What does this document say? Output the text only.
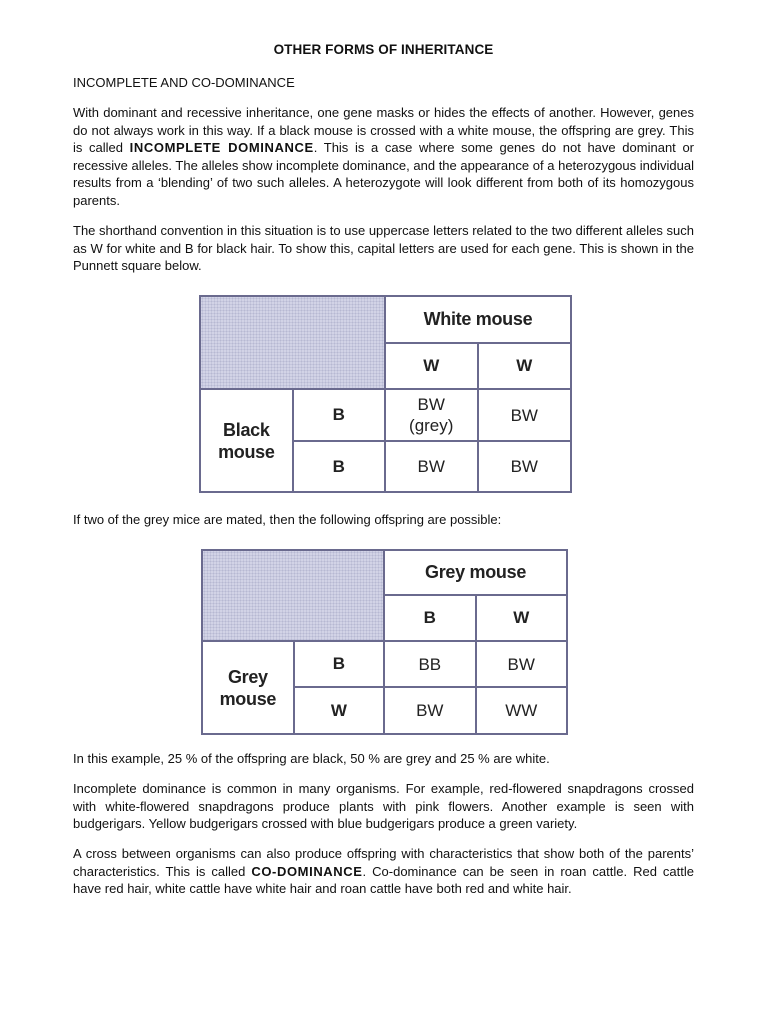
OTHER FORMS OF INHERITANCE
INCOMPLETE AND CO-DOMINANCE

With dominant and recessive inheritance, one gene masks or hides the effects of another. However, genes do not always work in this way. If a black mouse is crossed with a white mouse, the offspring are grey. This is called INCOMPLETE DOMINANCE. This is a case where some genes do not have dominant or recessive alleles. The alleles show incomplete dominance, and the appearance of a heterozygous individual results from a ‘blending’ of two such alleles. A heterozygote will look different from both of its homozygous parents.

The shorthand convention in this situation is to use uppercase letters related to the two different alleles such as W for white and B for black hair. To show this, capital letters are used for each gene. This is shown in the Punnett square below.

		White mouse	
		W	W
Black mouse	B	BW (grey)	BW
	B	BW	BW

If two of the grey mice are mated, then the following offspring are possible:

		Grey mouse	
		B	W

Grey mouse	B	BB	BW
	W	BW	WW

In this example, 25 % of the offspring are black, 50 % are grey and 25 % are white.

Incomplete dominance is common in many organisms. For example, red-flowered snapdragons crossed with white-flowered snapdragons produce plants with pink flowers. Another example is seen with budgerigars. Yellow budgerigars crossed with blue budgerigars produce a green variety.

A cross between organisms can also produce offspring with characteristics that show both of the parents’ characteristics. This is called CO-DOMINANCE. Co-dominance can be seen in roan cattle. Red cattle have red hair, white cattle have white hair and roan cattle have both red and white hair.
